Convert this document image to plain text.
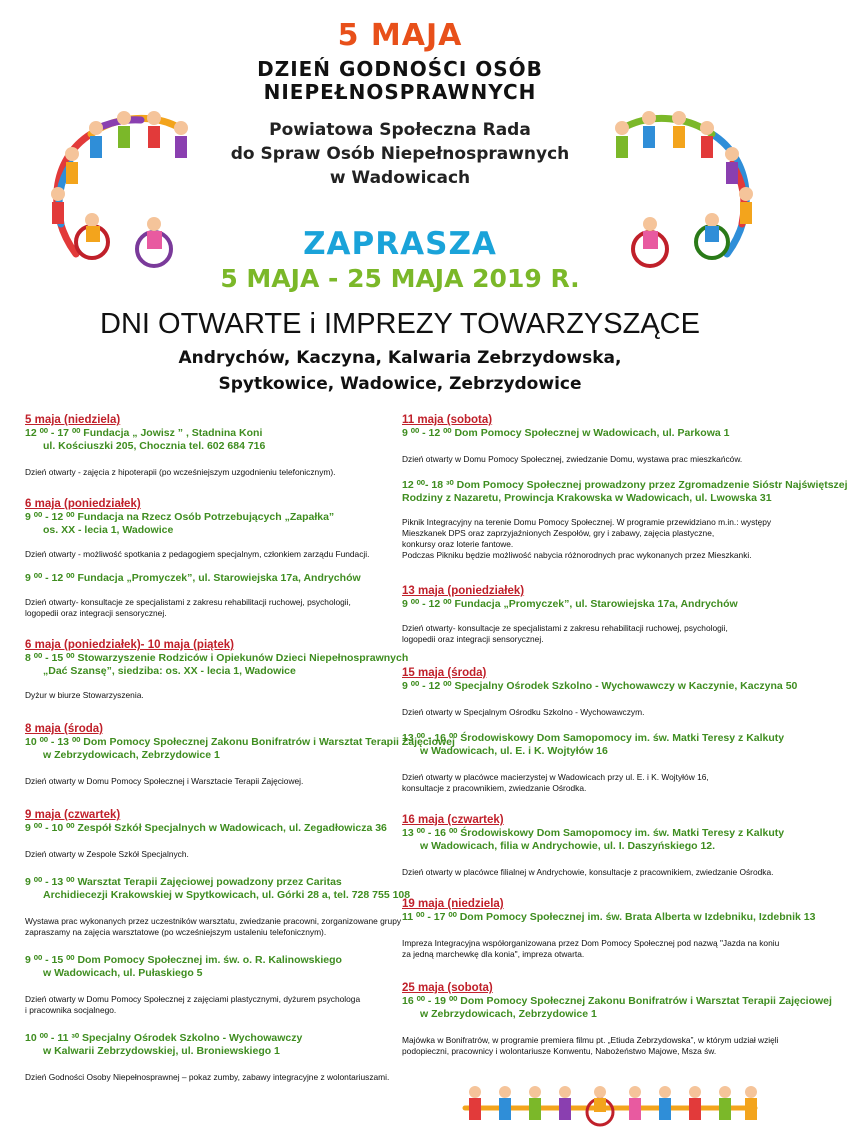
5 MAJA
DZIEŃ GODNOŚCI OSÓB
NIEPEŁNOSPRAWNYCH
Powiatowa Społeczna Rada
do Spraw Osób Niepełnosprawnych
w Wadowicach
ZAPRASZA
5 MAJA - 25 MAJA 2019 R.
DNI OTWARTE i IMPREZY TOWARZYSZĄCE
Andrychów, Kaczyna, Kalwaria Zebrzydowska,
Spytkowice, Wadowice, Zebrzydowice
5 maja (niedziela)
12 ⁰⁰ - 17 ⁰⁰ Fundacja „ Jowisz ” , Stadnina Koni
ul. Kościuszki 205, Chocznia tel. 602 684 716
Dzień otwarty - zajęcia z hipoterapii (po wcześniejszym uzgodnieniu telefonicznym).
6 maja (poniedziałek)
9 ⁰⁰ - 12 ⁰⁰ Fundacja na Rzecz Osób Potrzebujących „Zapałka”
os. XX - lecia 1, Wadowice
Dzień otwarty - możliwość spotkania z pedagogiem specjalnym, członkiem zarządu Fundacji.
9 ⁰⁰ - 12 ⁰⁰ Fundacja „Promyczek”, ul. Starowiejska 17a, Andrychów
Dzień otwarty- konsultacje ze specjalistami z zakresu rehabilitacji ruchowej, psychologii,
logopedii oraz integracji sensorycznej.
6 maja (poniedziałek)- 10 maja (piątek)
8 ⁰⁰ - 15 ⁰⁰ Stowarzyszenie Rodziców i Opiekunów Dzieci Niepełnosprawnych
„Dać Szansę”, siedziba: os. XX - lecia 1, Wadowice
Dyżur w biurze Stowarzyszenia.
8 maja (środa)
10 ⁰⁰ - 13 ⁰⁰ Dom Pomocy Społecznej Zakonu Bonifratrów i Warsztat Terapii Zajęciowej
w Zebrzydowicach, Zebrzydowice 1
Dzień otwarty w Domu Pomocy Społecznej i Warsztacie Terapii Zajęciowej.
9 maja (czwartek)
9 ⁰⁰ - 10 ⁰⁰ Zespół Szkół Specjalnych w Wadowicach, ul. Zegadłowicza 36
Dzień otwarty w Zespole Szkół Specjalnych.
9 ⁰⁰ - 13 ⁰⁰ Warsztat Terapii Zajęciowej powadzony przez Caritas
Archidiecezji Krakowskiej w Spytkowicach, ul. Górki 28 a, tel. 728 755 108
Wystawa prac wykonanych przez uczestników warsztatu, zwiedzanie pracowni, zorganizowane grupy
zapraszamy na zajęcia warsztatowe (po wcześniejszym ustaleniu telefonicznym).
9 ⁰⁰ - 15 ⁰⁰ Dom Pomocy Społecznej im. św. o. R. Kalinowskiego
w Wadowicach, ul. Pułaskiego 5
Dzień otwarty w Domu Pomocy Społecznej z zajęciami plastycznymi, dyżurem psychologa
i pracownika socjalnego.
10 ⁰⁰ - 11 ³⁰ Specjalny Ośrodek Szkolno - Wychowawczy
w Kalwarii Zebrzydowskiej, ul. Broniewskiego 1
Dzień Godności Osoby Niepełnosprawnej – pokaz zumby, zabawy integracyjne z wolontariuszami.
11 maja (sobota)
9 ⁰⁰ - 12 ⁰⁰ Dom Pomocy Społecznej w Wadowicach, ul. Parkowa 1
Dzień otwarty w Domu Pomocy Społecznej, zwiedzanie Domu, wystawa prac mieszkańców.
12 ⁰⁰- 18 ³⁰ Dom Pomocy Społecznej prowadzony przez Zgromadzenie Sióstr Najświętszej
Rodziny z Nazaretu, Prowincja Krakowska w Wadowicach, ul. Lwowska 31
Piknik Integracyjny na terenie Domu Pomocy Społecznej. W programie przewidziano m.in.: występy
Mieszkanek DPS oraz zaprzyjaźnionych Zespołów, gry i zabawy, zajęcia plastyczne,
konkursy oraz loterie fantowe.
Podczas Pikniku będzie możliwość nabycia różnorodnych prac wykonanych przez Mieszkanki.
13 maja (poniedziałek)
9 ⁰⁰ - 12 ⁰⁰ Fundacja „Promyczek”, ul. Starowiejska 17a, Andrychów
Dzień otwarty- konsultacje ze specjalistami z zakresu rehabilitacji ruchowej, psychologii,
logopedii oraz integracji sensorycznej.
15 maja (środa)
9 ⁰⁰ - 12 ⁰⁰ Specjalny Ośrodek Szkolno - Wychowawczy w Kaczynie, Kaczyna 50
Dzień otwarty w Specjalnym Ośrodku Szkolno - Wychowawczym.
13 ⁰⁰ - 16 ⁰⁰ Środowiskowy Dom Samopomocy im. św. Matki Teresy z Kalkuty
w Wadowicach, ul. E. i K. Wojtyłów 16
Dzień otwarty w placówce macierzystej w Wadowicach przy ul. E. i K. Wojtyłów 16,
konsultacje z pracownikiem, zwiedzanie Ośrodka.
16 maja (czwartek)
13 ⁰⁰ - 16 ⁰⁰ Środowiskowy Dom Samopomocy im. św. Matki Teresy z Kalkuty
w Wadowicach, filia w Andrychowie, ul. I. Daszyńskiego 12.
Dzień otwarty w placówce filialnej w Andrychowie, konsultacje z pracownikiem, zwiedzanie Ośrodka.
19 maja (niedziela)
11 ⁰⁰ - 17 ⁰⁰ Dom Pomocy Społecznej im. św. Brata Alberta w Izdebniku, Izdebnik 13
Impreza Integracyjna współorganizowana przez Dom Pomocy Społecznej pod nazwą "Jazda na koniu
za jedną marchewkę dla konia", impreza otwarta.
25 maja (sobota)
16 ⁰⁰ - 19 ⁰⁰ Dom Pomocy Społecznej Zakonu Bonifratrów i Warsztat Terapii Zajęciowej
w Zebrzydowicach, Zebrzydowice 1
Majówka w Bonifratrów, w programie premiera filmu pt. „Etiuda Zebrzydowska”, w którym udział wzięli
podopieczni, pracownicy i wolontariusze Konwentu, Nabożeństwo Majowe, Msza św.
